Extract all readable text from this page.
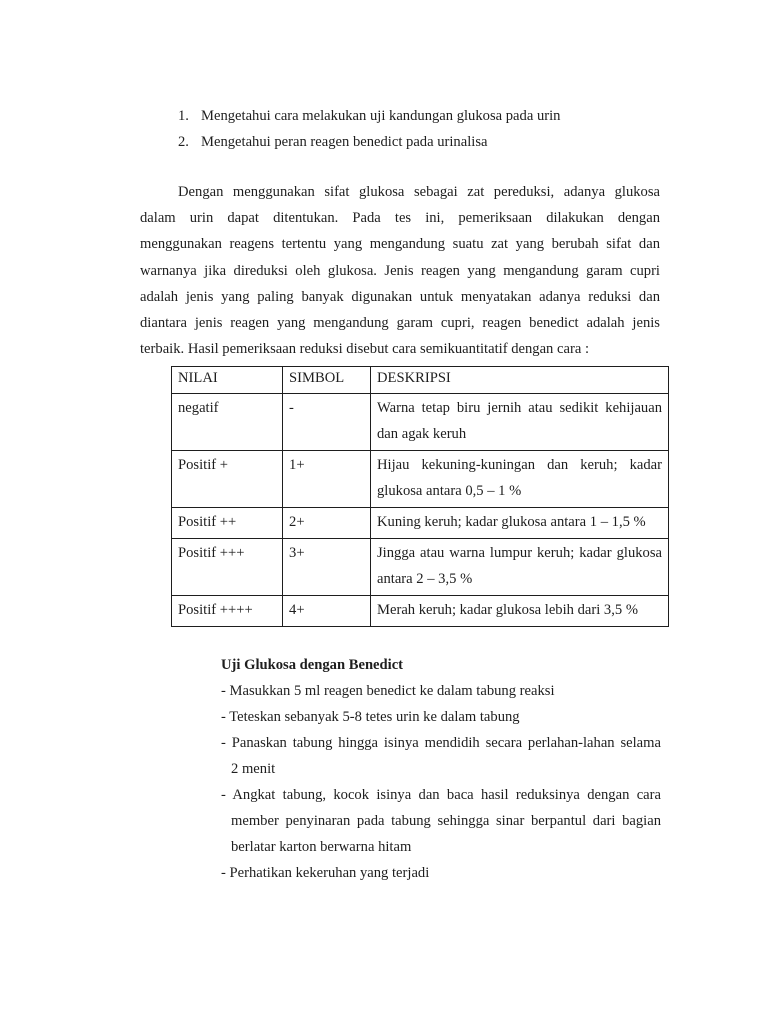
1. Mengetahui cara melakukan uji kandungan glukosa pada urin
2. Mengetahui peran reagen benedict pada urinalisa
Dengan menggunakan sifat glukosa sebagai zat pereduksi, adanya glukosa
dalam urin dapat ditentukan. Pada tes ini, pemeriksaan dilakukan dengan
menggunakan reagens tertentu yang mengandung suatu zat yang berubah sifat dan
warnanya jika direduksi oleh glukosa. Jenis reagen yang mengandung garam cupri
adalah jenis yang paling banyak digunakan untuk menyatakan adanya reduksi dan
diantara jenis reagen yang mengandung garam cupri, reagen benedict adalah jenis
terbaik. Hasil pemeriksaan reduksi disebut cara semikuantitatif dengan cara :
NILAI	SIMBOL	DESKRIPSI
negatif	-	Warna tetap biru jernih atau sedikit kehijauan dan agak keruh
Positif +	1+	Hijau kekuning-kuningan dan keruh; kadar glukosa antara 0,5 – 1 %
Positif ++	2+	Kuning keruh; kadar glukosa antara 1 – 1,5 %
Positif +++	3+	Jingga atau warna lumpur keruh; kadar glukosa antara 2 – 3,5 %
Positif ++++	4+	Merah keruh; kadar glukosa lebih dari 3,5 %
Uji Glukosa dengan Benedict
- Masukkan 5 ml reagen benedict ke dalam tabung reaksi
- Teteskan sebanyak 5-8 tetes urin ke dalam tabung
- Panaskan tabung hingga isinya mendidih secara perlahan-lahan selama
2 menit
- Angkat tabung, kocok isinya dan baca hasil reduksinya dengan cara
member penyinaran pada tabung sehingga sinar berpantul dari bagian
berlatar karton berwarna hitam
- Perhatikan kekeruhan yang terjadi
